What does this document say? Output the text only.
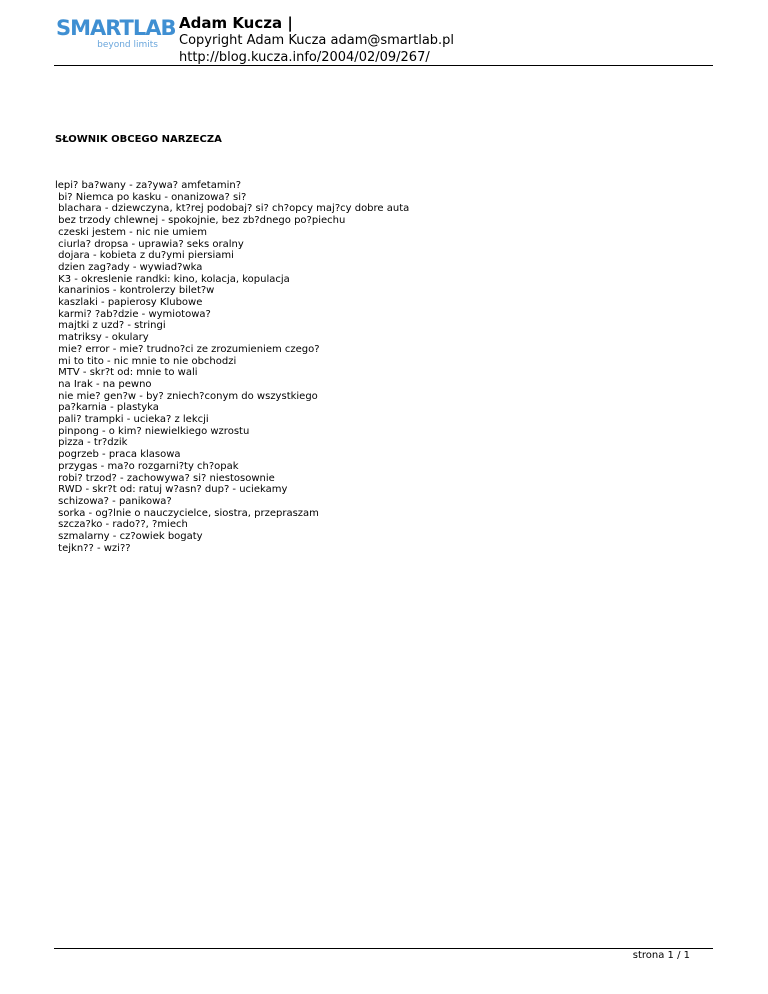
SMARTLAB
beyond limits

Adam Kucza |

Copyright Adam Kucza adam@smartlab.pl

http://blog.kucza.info/2004/02/09/267/

SŁOWNIK OBCEGO NARZECZA
lepi? ba?wany - za?ywa? amfetamin?
bi? Niemca po kasku - onanizowa? si?
blachara - dziewczyna, kt?rej podobaj? si? ch?opcy maj?cy dobre auta
bez trzody chlewnej - spokojnie, bez zb?dnego po?piechu
czeski jestem - nic nie umiem
ciurla? dropsa - uprawia? seks oralny
dojara - kobieta z du?ymi piersiami
dzien zag?ady - wywiad?wka
K3 - okreslenie randki: kino, kolacja, kopulacja
kanarinios - kontrolerzy bilet?w
kaszlaki - papierosy Klubowe
karmi? ?ab?dzie - wymiotowa?
majtki z uzd? - stringi
matriksy - okulary
mie? error - mie? trudno?ci ze zrozumieniem czego?
mi to tito - nic mnie to nie obchodzi
MTV - skr?t od: mnie to wali
na Irak - na pewno
nie mie? gen?w - by? zniech?conym do wszystkiego
pa?karnia - plastyka
pali? trampki - ucieka? z lekcji
pinpong - o kim? niewielkiego wzrostu
pizza - tr?dzik
pogrzeb - praca klasowa
przygas - ma?o rozgarni?ty ch?opak
robi? trzod? - zachowywa? si? niestosownie
RWD - skr?t od: ratuj w?asn? dup? - uciekamy
schizowa? - panikowa?
sorka - og?lnie o nauczycielce, siostra, przepraszam
szcza?ko - rado??, ?miech
szmalarny - cz?owiek bogaty
tejkn?? - wzi??
strona 1 / 1
